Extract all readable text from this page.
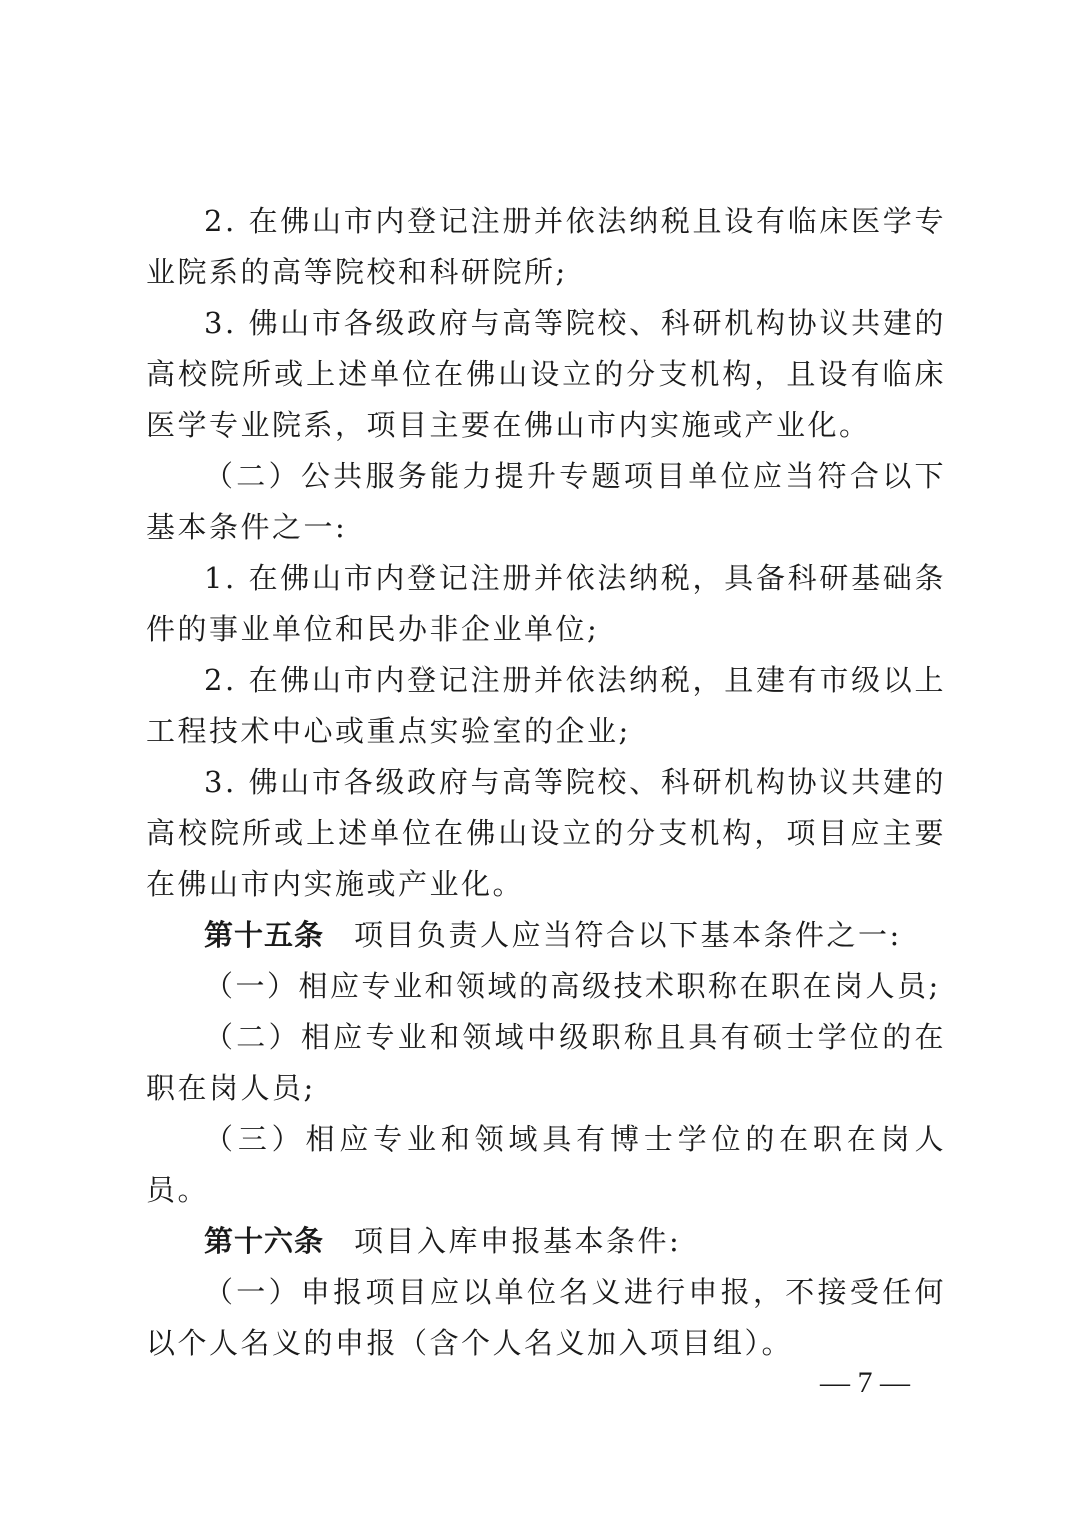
2. 在佛山市内登记注册并依法纳税且设有临床医学专业院系的高等院校和科研院所;

3. 佛山市各级政府与高等院校、科研机构协议共建的高校院所或上述单位在佛山设立的分支机构，且设有临床医学专业院系，项目主要在佛山市内实施或产业化。

（二）公共服务能力提升专题项目单位应当符合以下基本条件之一:

1. 在佛山市内登记注册并依法纳税，具备科研基础条件的事业单位和民办非企业单位;

2. 在佛山市内登记注册并依法纳税，且建有市级以上工程技术中心或重点实验室的企业;

3. 佛山市各级政府与高等院校、科研机构协议共建的高校院所或上述单位在佛山设立的分支机构，项目应主要在佛山市内实施或产业化。

第十五条 项目负责人应当符合以下基本条件之一:

（一）相应专业和领域的高级技术职称在职在岗人员;

（二）相应专业和领域中级职称且具有硕士学位的在职在岗人员;

（三）相应专业和领域具有博士学位的在职在岗人员。

第十六条 项目入库申报基本条件:

（一）申报项目应以单位名义进行申报，不接受任何以个人名义的申报（含个人名义加入项目组）。

— 7 —
